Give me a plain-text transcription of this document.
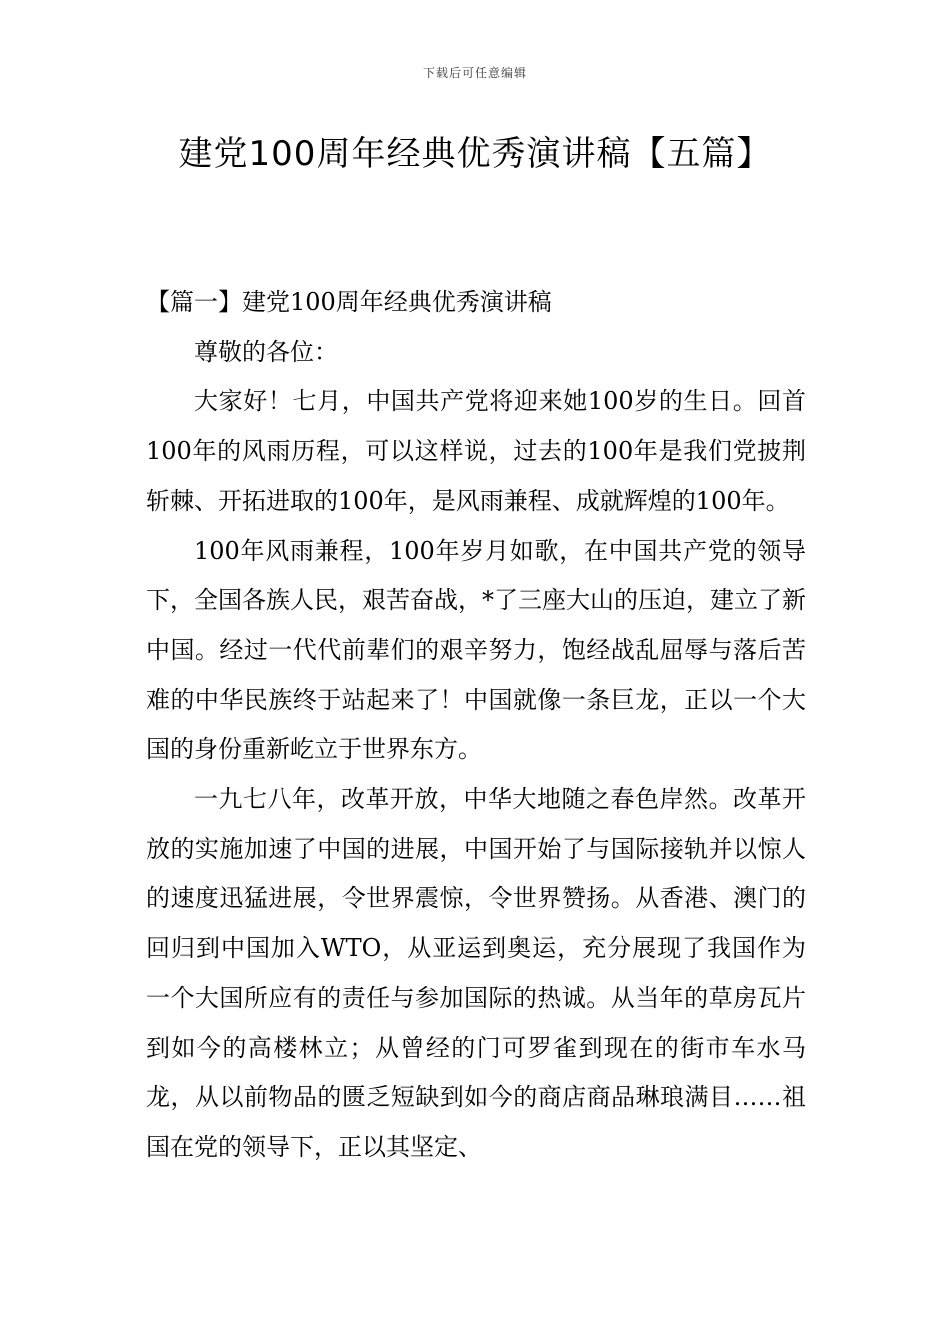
下载后可任意编辑
建党100周年经典优秀演讲稿【五篇】

【篇一】建党100周年经典优秀演讲稿

尊敬的各位：

大家好！七月，中国共产党将迎来她100岁的生日。回首100年的风雨历程，可以这样说，过去的100年是我们党披荆斩棘、开拓进取的100年，是风雨兼程、成就辉煌的100年。

100年风雨兼程，100年岁月如歌，在中国共产党的领导下，全国各族人民，艰苦奋战，*了三座大山的压迫，建立了新中国。经过一代代前辈们的艰辛努力，饱经战乱屈辱与落后苦难的中华民族终于站起来了！中国就像一条巨龙，正以一个大国的身份重新屹立于世界东方。

一九七八年，改革开放，中华大地随之春色岸然。改革开放的实施加速了中国的进展，中国开始了与国际接轨并以惊人的速度迅猛进展，令世界震惊，令世界赞扬。从香港、澳门的回归到中国加入WTO，从亚运到奥运，充分展现了我国作为一个大国所应有的责任与参加国际的热诚。从当年的草房瓦片到如今的高楼林立；从曾经的门可罗雀到现在的街市车水马龙，从以前物品的匮乏短缺到如今的商店商品琳琅满目……祖国在党的领导下，正以其坚定、
